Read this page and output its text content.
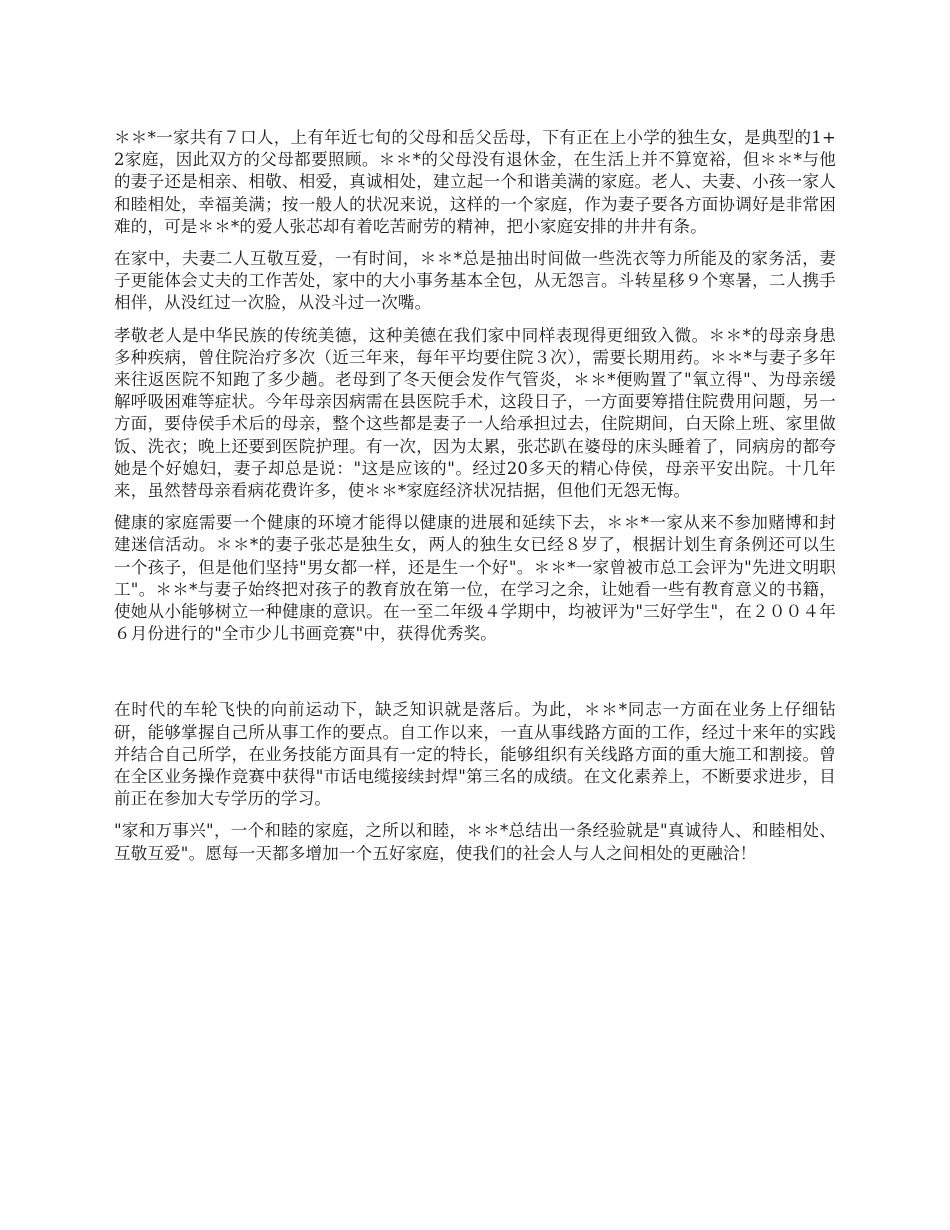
＊＊*一家共有７口人，上有年近七旬的父母和岳父岳母，下有正在上小学的独生女，是典型的1+2家庭，因此双方的父母都要照顾。＊＊*的父母没有退休金，在生活上并不算宽裕，但＊＊*与他的妻子还是相亲、相敬、相爱，真诚相处，建立起一个和谐美满的家庭。老人、夫妻、小孩一家人和睦相处，幸福美满；按一般人的状况来说，这样的一个家庭，作为妻子要各方面协调好是非常困难的，可是＊＊*的爱人张芯却有着吃苦耐劳的精神，把小家庭安排的井井有条。

在家中，夫妻二人互敬互爱，一有时间，＊＊*总是抽出时间做一些洗衣等力所能及的家务活，妻子更能体会丈夫的工作苦处，家中的大小事务基本全包，从无怨言。斗转星移９个寒暑，二人携手相伴，从没红过一次脸，从没斗过一次嘴。

孝敬老人是中华民族的传统美德，这种美德在我们家中同样表现得更细致入微。＊＊*的母亲身患多种疾病，曾住院治疗多次（近三年来，每年平均要住院３次），需要长期用药。＊＊*与妻子多年来往返医院不知跑了多少趟。老母到了冬天便会发作气管炎，＊＊*便购置了"氧立得"、为母亲缓解呼吸困难等症状。今年母亲因病需在县医院手术，这段日子，一方面要筹措住院费用问题，另一方面，要侍侯手术后的母亲，整个这些都是妻子一人给承担过去，住院期间，白天除上班、家里做饭、洗衣；晚上还要到医院护理。有一次，因为太累，张芯趴在婆母的床头睡着了，同病房的都夸她是个好媳妇，妻子却总是说："这是应该的"。经过20多天的精心侍侯，母亲平安出院。十几年来，虽然替母亲看病花费许多，使＊＊*家庭经济状况拮据，但他们无怨无悔。

健康的家庭需要一个健康的环境才能得以健康的进展和延续下去，＊＊*一家从来不参加赌博和封建迷信活动。＊＊*的妻子张芯是独生女，两人的独生女已经８岁了，根据计划生育条例还可以生一个孩子，但是他们坚持"男女都一样，还是生一个好"。＊＊*一家曾被市总工会评为"先进文明职工"。＊＊*与妻子始终把对孩子的教育放在第一位，在学习之余，让她看一些有教育意义的书籍，使她从小能够树立一种健康的意识。在一至二年级４学期中，均被评为"三好学生"，在２００４年６月份进行的"全市少儿书画竞赛"中，获得优秀奖。

在时代的车轮飞快的向前运动下，缺乏知识就是落后。为此，＊＊*同志一方面在业务上仔细钻研，能够掌握自己所从事工作的要点。自工作以来，一直从事线路方面的工作，经过十来年的实践并结合自己所学，在业务技能方面具有一定的特长，能够组织有关线路方面的重大施工和割接。曾在全区业务操作竞赛中获得"市话电缆接续封焊"第三名的成绩。在文化素养上，不断要求进步，目前正在参加大专学历的学习。

"家和万事兴"，一个和睦的家庭，之所以和睦，＊＊*总结出一条经验就是"真诚待人、和睦相处、互敬互爱"。愿每一天都多增加一个五好家庭，使我们的社会人与人之间相处的更融洽！
